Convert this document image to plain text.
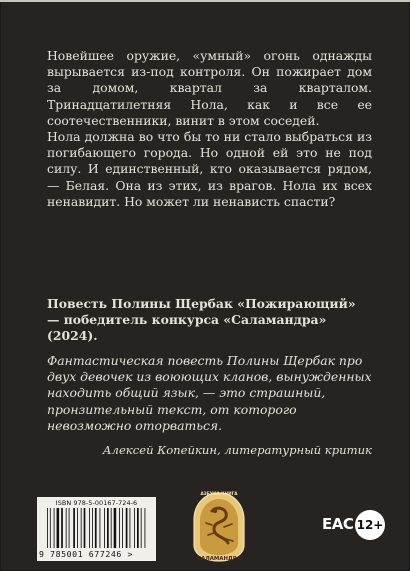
Новейшее оружие, «умный» огонь однажды вырывается из-под контроля. Он пожирает дом за домом, квартал за кварталом. Тринадцатилетняя Нола, как и все ее соотечественники, винит в этом соседей.

Нола должна во что бы то ни стало выбраться из погибающего города. Но одной ей это не под силу. И единственный, кто оказывается рядом, — Белая. Она из этих, из врагов. Нола их всех ненавидит. Но может ли ненависть спасти?

Повесть Полины Щербак «Пожирающий» — победитель конкурса «Саламандра» (2024).

Фантастическая повесть Полины Щербак про двух девочек из воюющих кланов, вынужденных находить общий язык, — это страшный, пронзительный текст, от которого невозможно оторваться.

Алексей Копейкин, литературный критик

ISBN 978-5-00167-724-6
9 785001 677246 >
АЗБУКА КНИГА
САЛАМАНДРА
ЕAC 12+
